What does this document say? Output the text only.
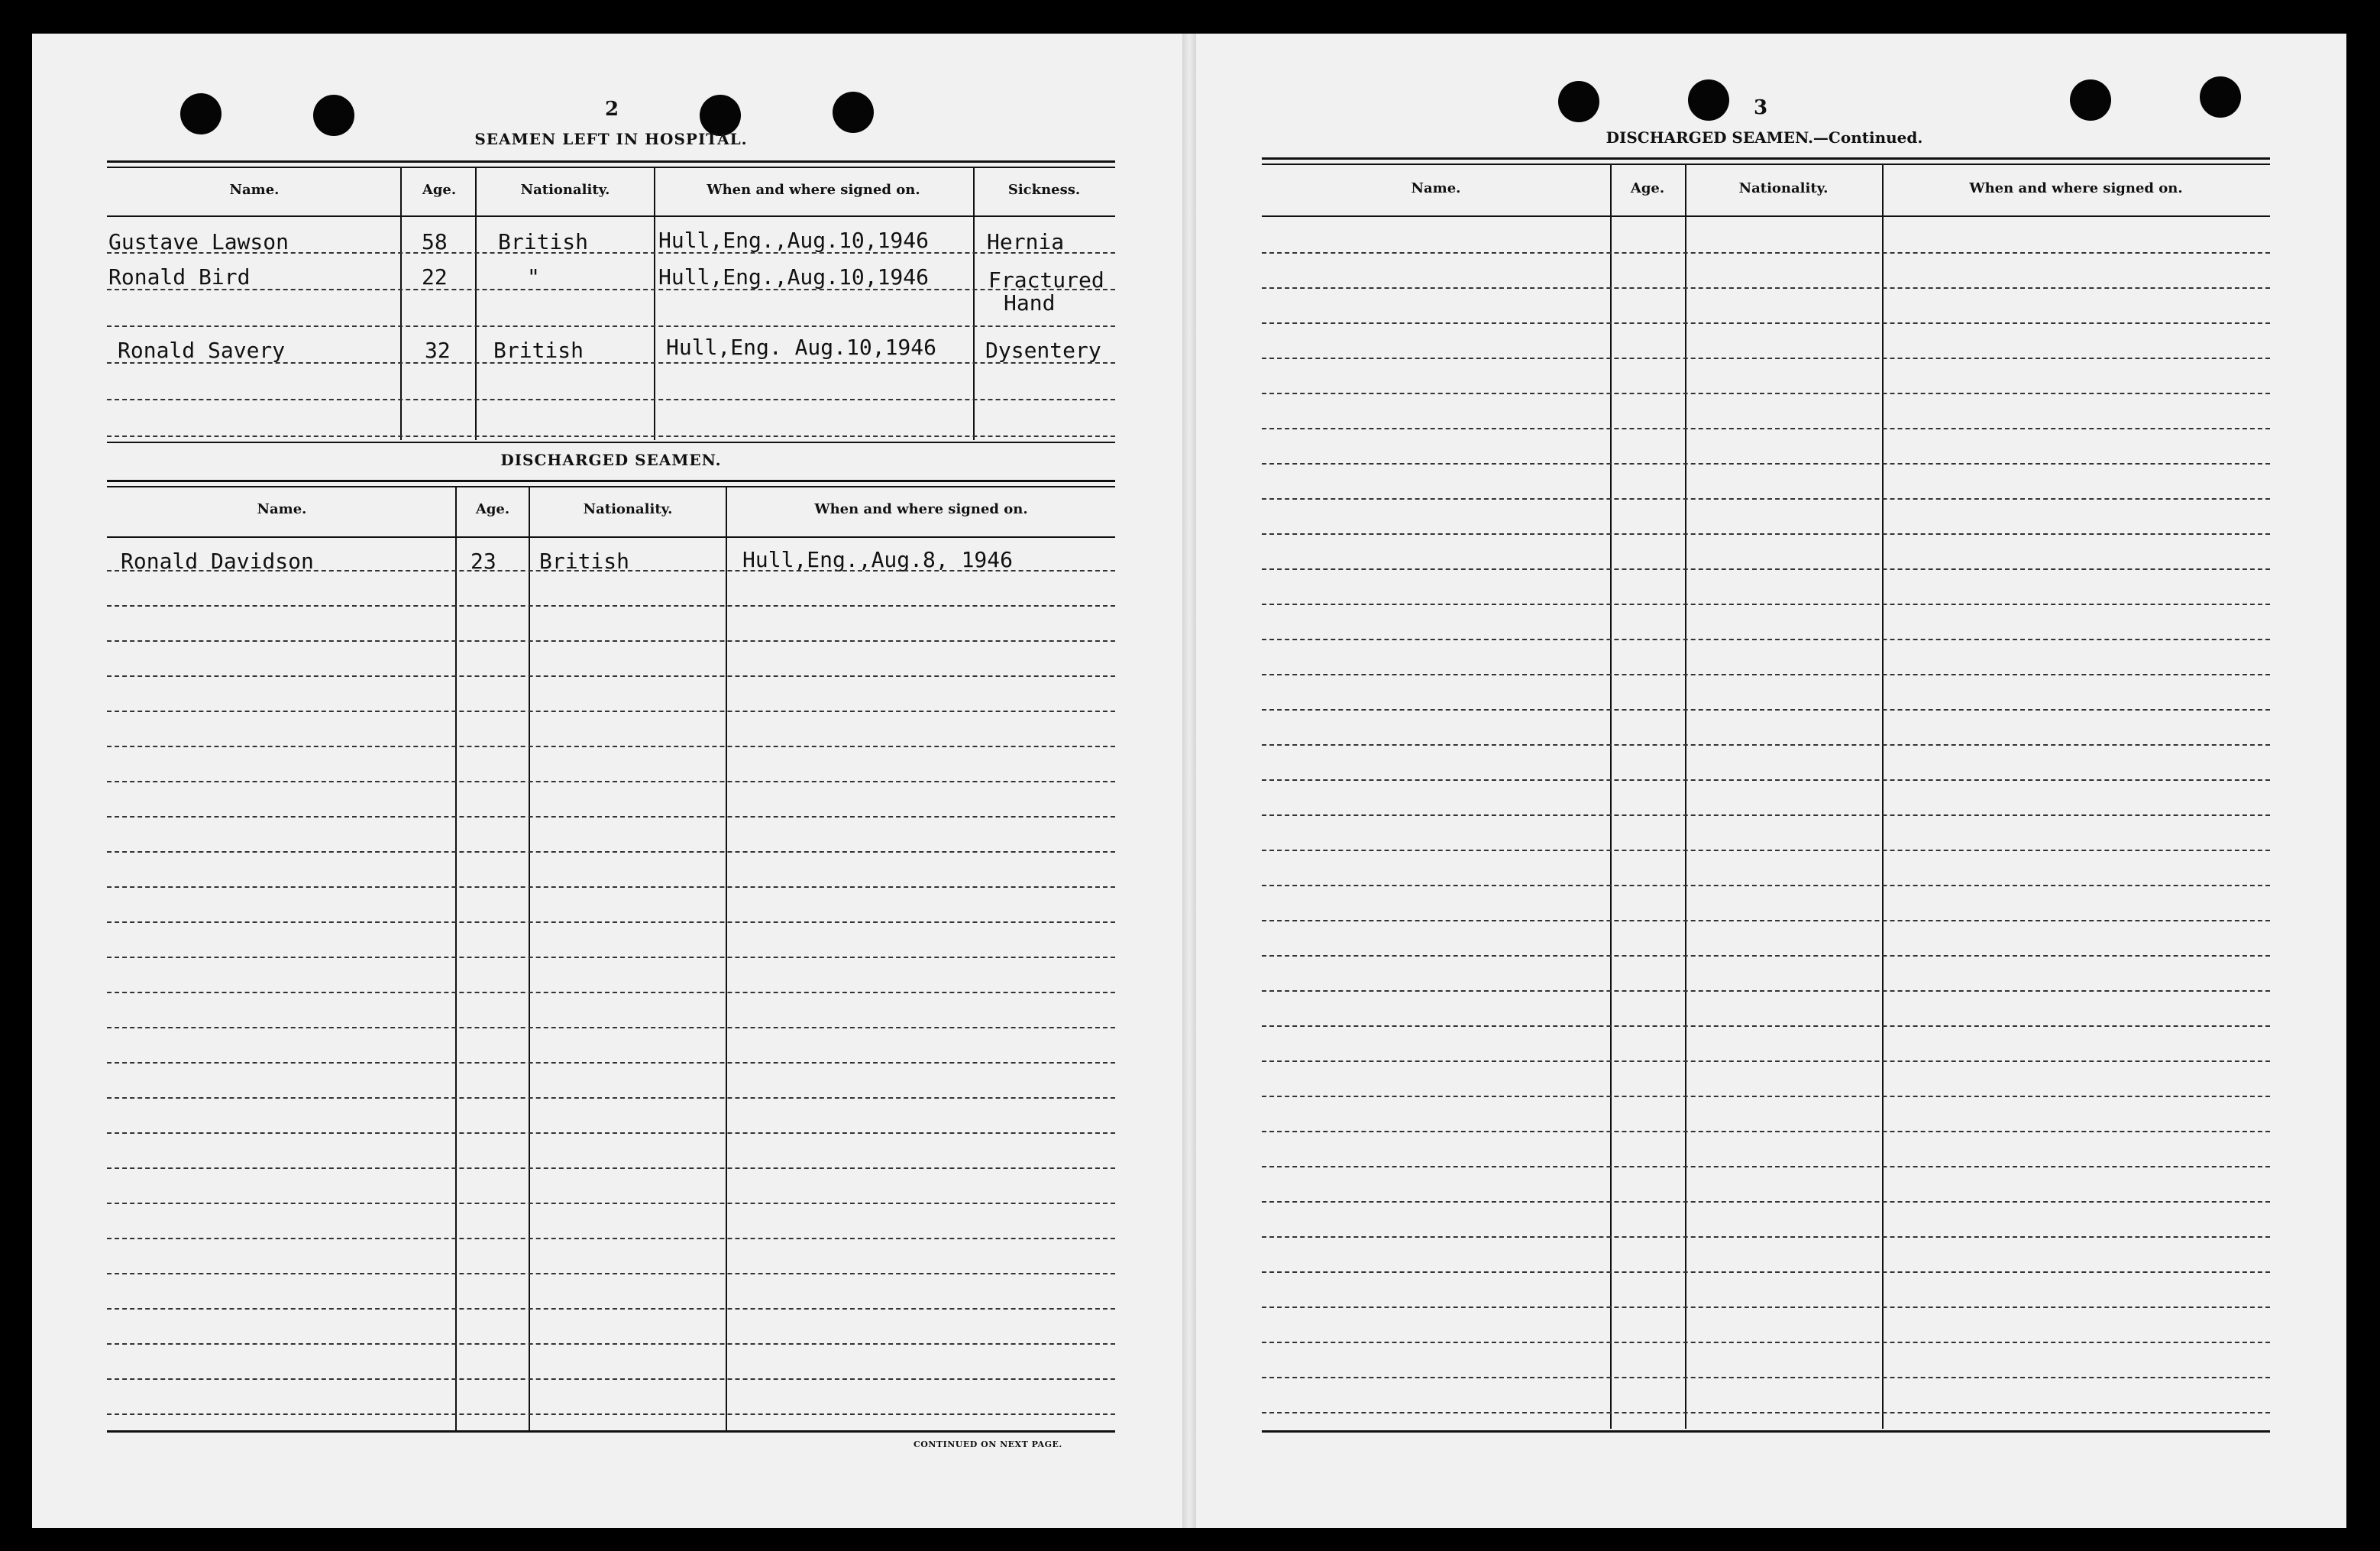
2
SEAMEN LEFT IN HOSPITAL.
Name.	Age.	Nationality.	When and where signed on.	Sickness.
Gustave Lawson	58 British	Hull,Eng.,Aug.10,1946	Hernia
Ronald Bird	22	"	Hull,Eng.,Aug.10,1946	Fractured
Hand
Ronald Savery	32 British	Hull,Eng. Aug.10,1946 Dysentery
DISCHARGED SEAMEN.
Name.	Age.	Nationality.	When and where signed on.
Ronald Davidson	23 British	Hull,Eng.,Aug.8, 1946
CONTINUED ON NEXT PAGE.
3
DISCHARGED SEAMEN.—Continued.
Name.	Age.	Nationality.	When and where signed on.
